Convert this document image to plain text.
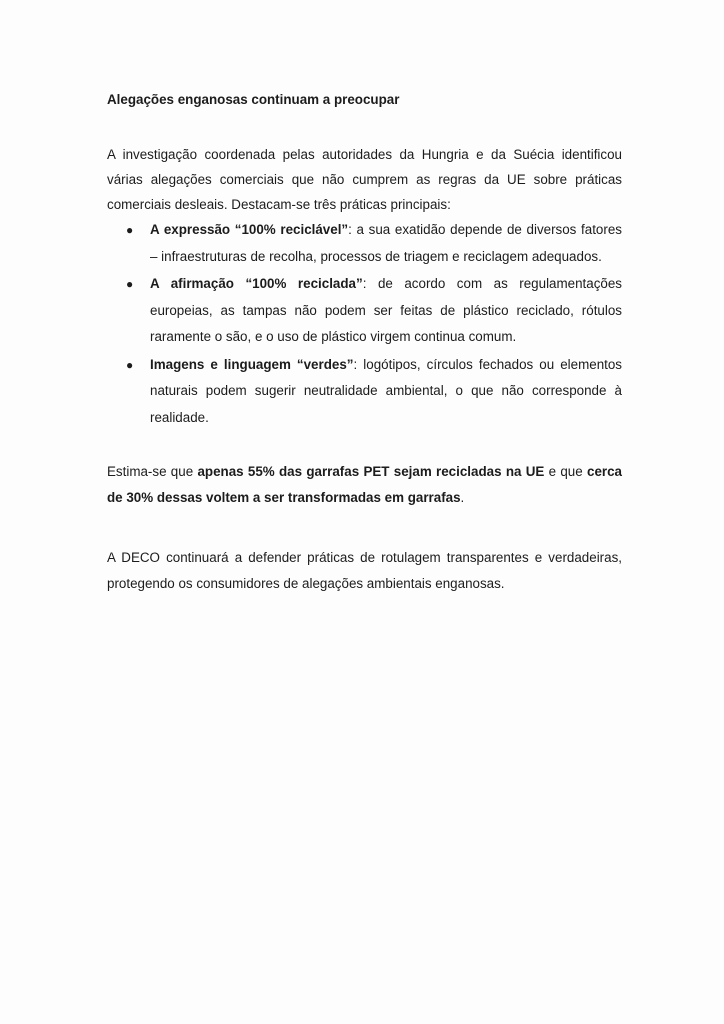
Alegações enganosas continuam a preocupar

A investigação coordenada pelas autoridades da Hungria e da Suécia identificou várias alegações comerciais que não cumprem as regras da UE sobre práticas comerciais desleais. Destacam-se três práticas principais:

● A expressão “100% reciclável”: a sua exatidão depende de diversos fatores – infraestruturas de recolha, processos de triagem e reciclagem adequados.
● A afirmação “100% reciclada”: de acordo com as regulamentações europeias, as tampas não podem ser feitas de plástico reciclado, rótulos raramente o são, e o uso de plástico virgem continua comum.
● Imagens e linguagem “verdes”: logótipos, círculos fechados ou elementos naturais podem sugerir neutralidade ambiental, o que não corresponde à realidade.

Estima-se que apenas 55% das garrafas PET sejam recicladas na UE e que cerca de 30% dessas voltem a ser transformadas em garrafas.

A DECO continuará a defender práticas de rotulagem transparentes e verdadeiras, protegendo os consumidores de alegações ambientais enganosas.
